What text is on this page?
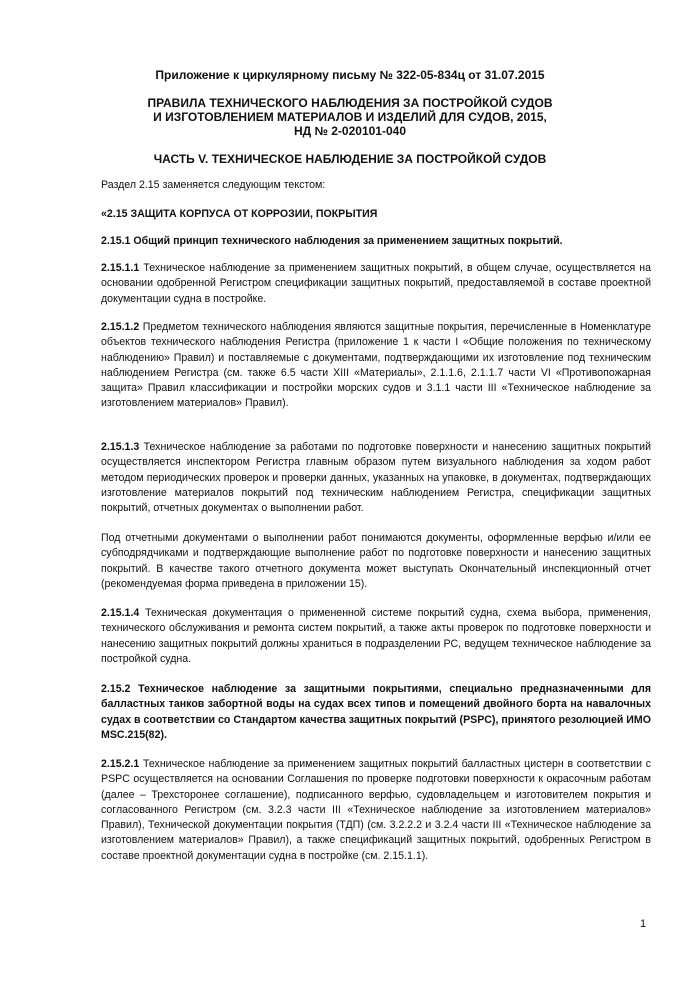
Приложение к циркулярному письму № 322-05-834ц от 31.07.2015
ПРАВИЛА ТЕХНИЧЕСКОГО НАБЛЮДЕНИЯ ЗА ПОСТРОЙКОЙ СУДОВ
И ИЗГОТОВЛЕНИЕМ МАТЕРИАЛОВ И ИЗДЕЛИЙ ДЛЯ СУДОВ, 2015,
НД № 2-020101-040
ЧАСТЬ V. ТЕХНИЧЕСКОЕ НАБЛЮДЕНИЕ ЗА ПОСТРОЙКОЙ СУДОВ
Раздел 2.15 заменяется следующим текстом:
«2.15 ЗАЩИТА КОРПУСА ОТ КОРРОЗИИ, ПОКРЫТИЯ
2.15.1 Общий принцип технического наблюдения за применением защитных покрытий.
2.15.1.1 Техническое наблюдение за применением защитных покрытий, в общем случае, осуществляется на основании одобренной Регистром спецификации защитных покрытий, предоставляемой в составе проектной документации судна в постройке.
2.15.1.2 Предметом технического наблюдения являются защитные покрытия, перечисленные в Номенклатуре объектов технического наблюдения Регистра (приложение 1 к части I «Общие положения по техническому наблюдению» Правил) и поставляемые с документами, подтверждающими их изготовление под техническим наблюдением Регистра (см. также 6.5 части XIII «Материалы», 2.1.1.6, 2.1.1.7 части VI «Противопожарная защита» Правил классификации и постройки морских судов и 3.1.1 части III «Техническое наблюдение за изготовлением материалов» Правил).
2.15.1.3 Техническое наблюдение за работами по подготовке поверхности и нанесению защитных покрытий осуществляется инспектором Регистра главным образом путем визуального наблюдения за ходом работ методом периодических проверок и проверки данных, указанных на упаковке, в документах, подтверждающих изготовление материалов покрытий под техническим наблюдением Регистра, спецификации защитных покрытий, отчетных документах о выполнении работ.
Под отчетными документами о выполнении работ понимаются документы, оформленные верфью и/или ее субподрядчиками и подтверждающие выполнение работ по подготовке поверхности и нанесению защитных покрытий. В качестве такого отчетного документа может выступать Окончательный инспекционный отчет (рекомендуемая форма приведена в приложении 15).
2.15.1.4 Техническая документация о примененной системе покрытий судна, схема выбора, применения, технического обслуживания и ремонта систем покрытий, а также акты проверок по подготовке поверхности и нанесению защитных покрытий должны храниться в подразделении РС, ведущем техническое наблюдение за постройкой судна.
2.15.2 Техническое наблюдение за защитными покрытиями, специально предназначенными для балластных танков забортной воды на судах всех типов и помещений двойного борта на навалочных судах в соответствии со Стандартом качества защитных покрытий (PSPC), принятого резолюцией ИМО MSC.215(82).
2.15.2.1 Техническое наблюдение за применением защитных покрытий балластных цистерн в соответствии с PSPC осуществляется на основании Соглашения по проверке подготовки поверхности к окрасочным работам (далее – Трехсторонее соглашение), подписанного верфью, судовладельцем и изготовителем покрытия и согласованного Регистром (см. 3.2.3 части III «Техническое наблюдение за изготовлением материалов» Правил), Технической документации покрытия (ТДП) (см. 3.2.2.2 и 3.2.4 части III «Техническое наблюдение за изготовлением материалов» Правил), а также спецификаций защитных покрытий, одобренных Регистром в составе проектной документации судна в постройке (см. 2.15.1.1).
1
